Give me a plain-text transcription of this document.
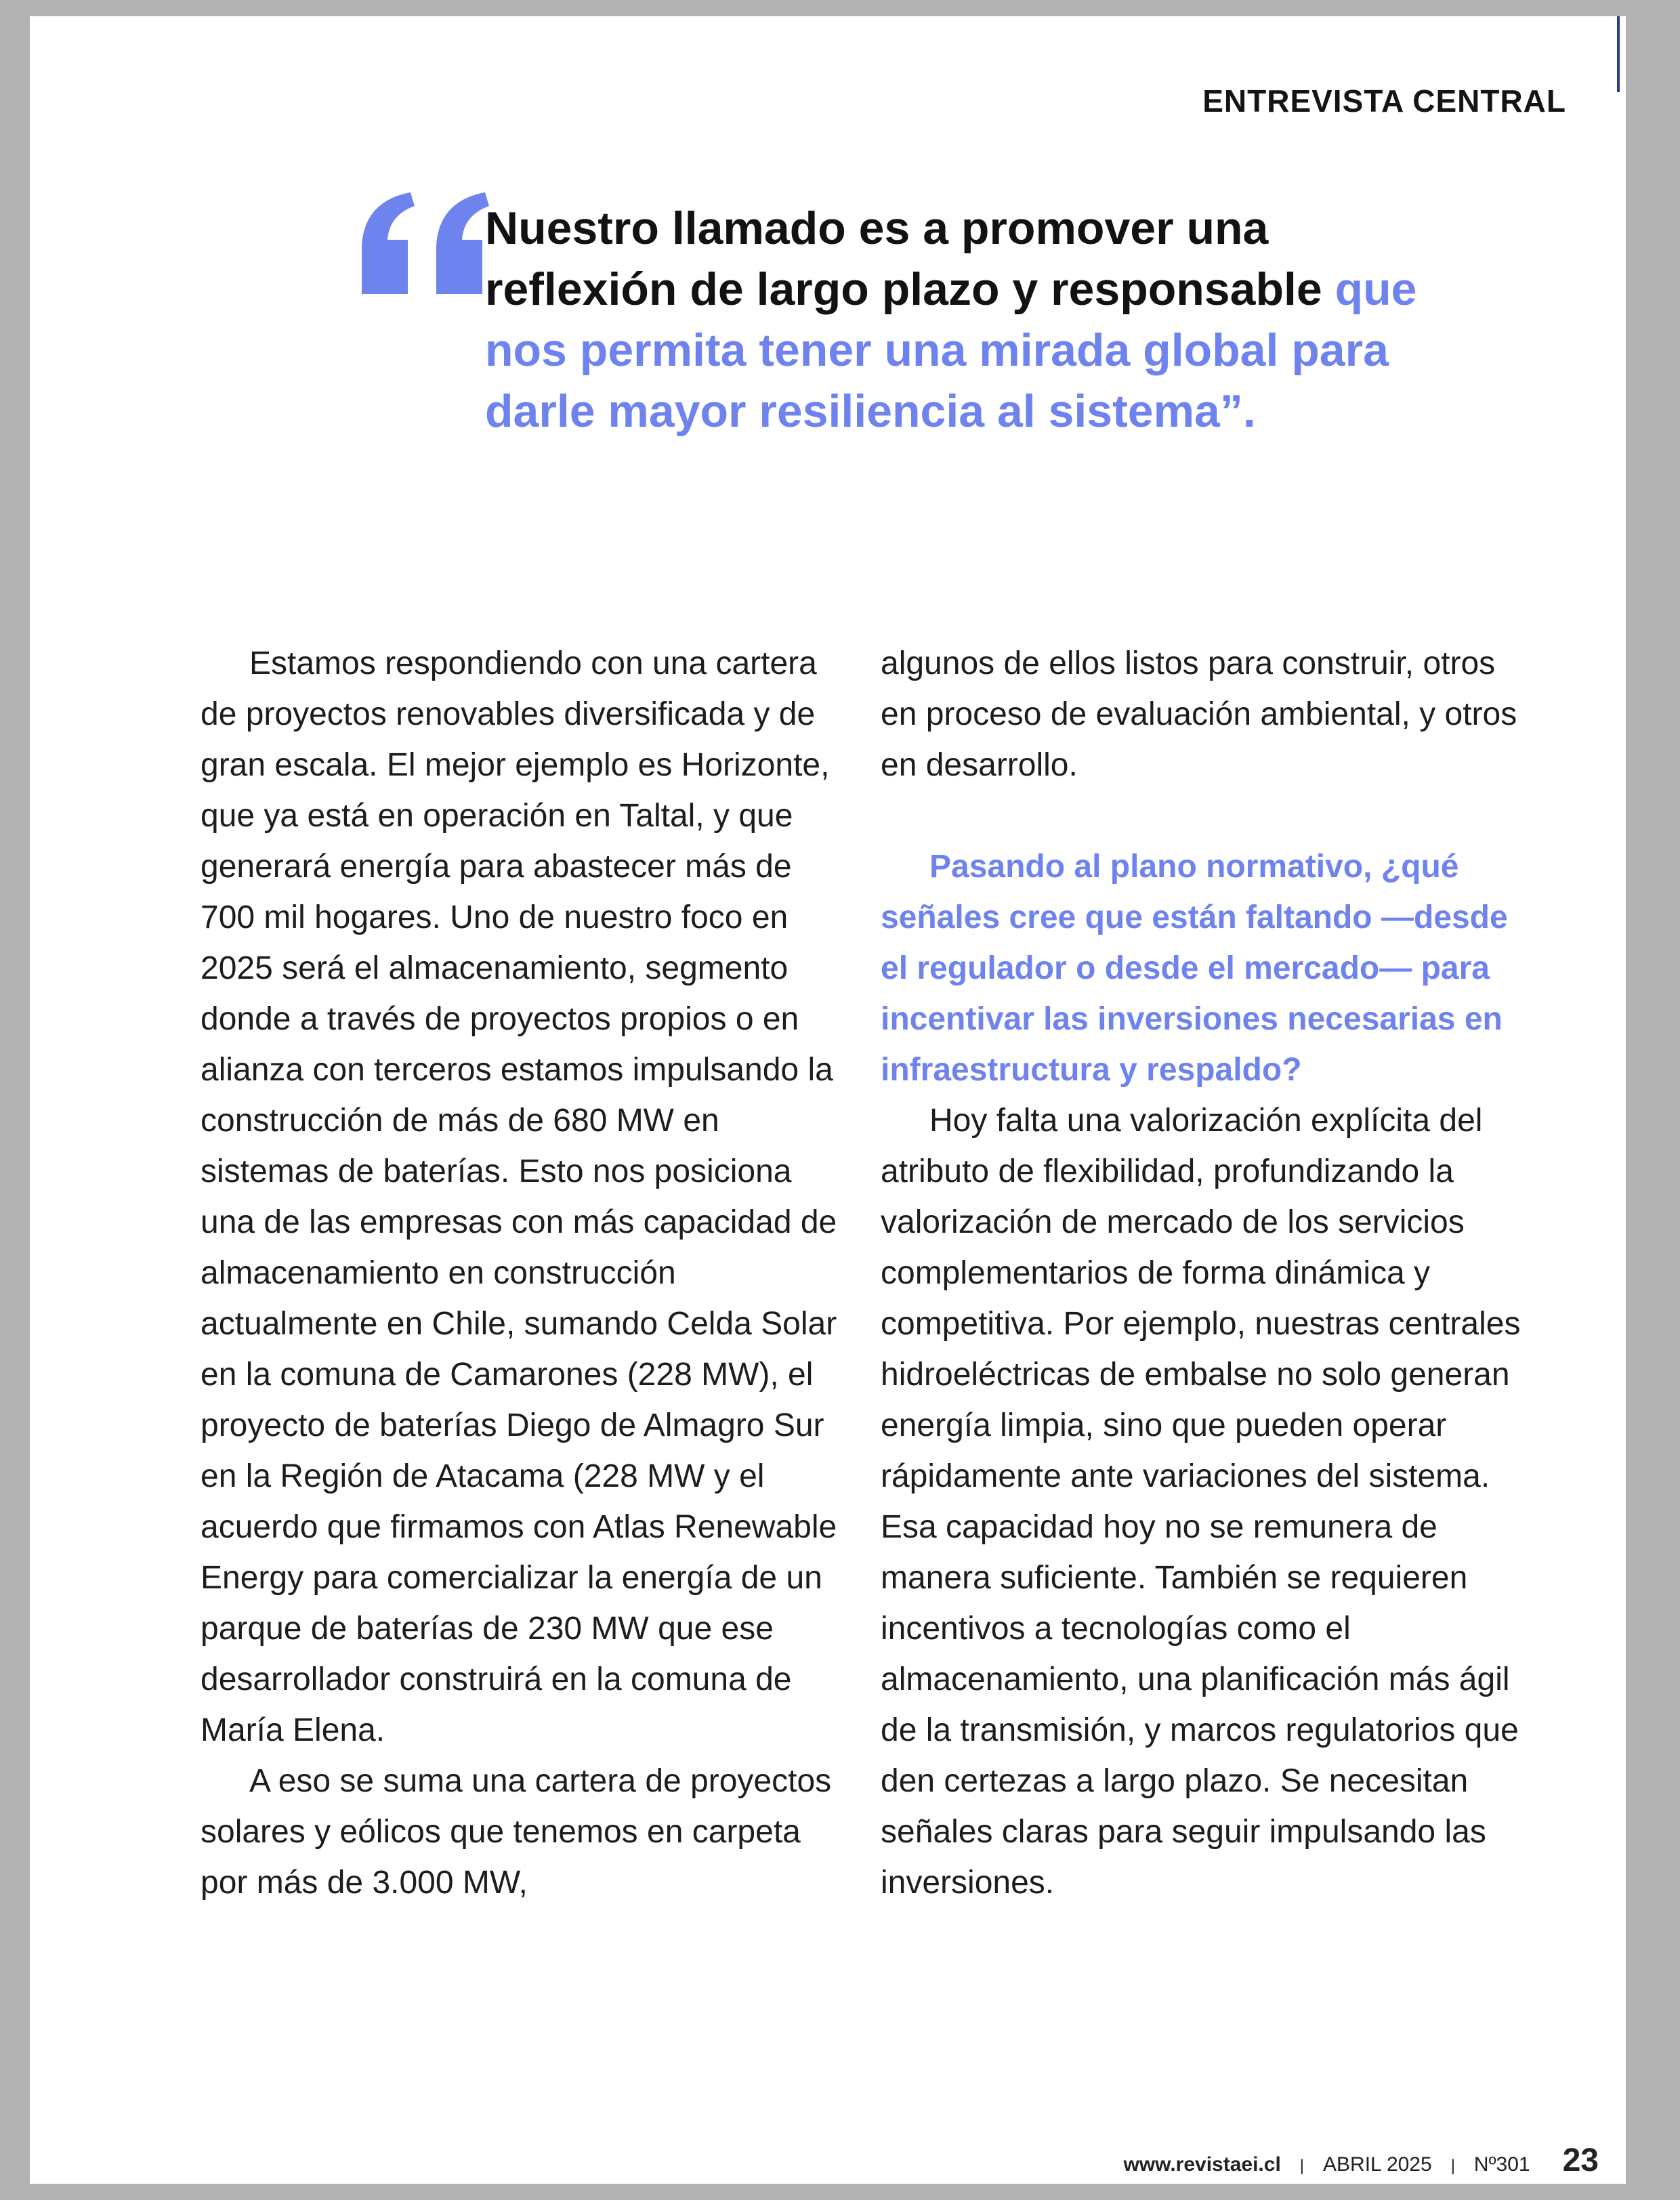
ENTREVISTA CENTRAL
Nuestro llamado es a promover una reflexión de largo plazo y responsable que nos permita tener una mirada global para darle mayor resiliencia al sistema”.

Estamos respondiendo con una cartera de proyectos renovables diversificada y de gran escala. El mejor ejemplo es Horizonte, que ya está en operación en Taltal, y que generará energía para abastecer más de 700 mil hogares. Uno de nuestro foco en 2025 será el almacenamiento, segmento donde a través de proyectos propios o en alianza con terceros estamos impulsando la construcción de más de 680 MW en sistemas de baterías. Esto nos posiciona una de las empresas con más capacidad de almacenamiento en construcción actualmente en Chile, sumando Celda Solar en la comuna de Camarones (228 MW), el proyecto de baterías Diego de Almagro Sur en la Región de Atacama (228 MW y el acuerdo que firmamos con Atlas Renewable Energy para comercializar la energía de un parque de baterías de 230 MW que ese desarrollador construirá en la comuna de María Elena.

A eso se suma una cartera de proyectos solares y eólicos que tenemos en carpeta por más de 3.000 MW,

algunos de ellos listos para construir, otros en proceso de evaluación ambiental, y otros en desarrollo.

Pasando al plano normativo, ¿qué señales cree que están faltando —desde el regulador o desde el mercado— para incentivar las inversiones necesarias en infraestructura y respaldo?

Hoy falta una valorización explícita del atributo de flexibilidad, profundizando la valorización de mercado de los servicios complementarios de forma dinámica y competitiva. Por ejemplo, nuestras centrales hidroeléctricas de embalse no solo generan energía limpia, sino que pueden operar rápidamente ante variaciones del sistema. Esa capacidad hoy no se remunera de manera suficiente. También se requieren incentivos a tecnologías como el almacenamiento, una planificación más ágil de la transmisión, y marcos regulatorios que den certezas a largo plazo. Se necesitan señales claras para seguir impulsando las inversiones.

www.revistaei.cl | ABRIL 2025 | Nº301 23
